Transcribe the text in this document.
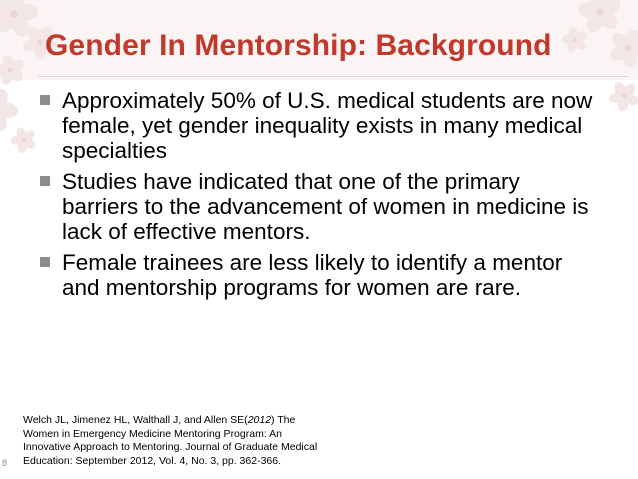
Gender In Mentorship: Background
Approximately 50% of U.S. medical students are now female, yet gender inequality exists in many medical specialties
Studies have indicated that one of the primary barriers to the advancement of women in medicine is lack of effective mentors.
Female trainees are less likely to identify a mentor and mentorship programs for women are rare.
Welch JL, Jimenez HL, Walthall J, and Allen SE(2012) The Women in Emergency Medicine Mentoring Program: An Innovative Approach to Mentoring. Journal of Graduate Medical Education: September 2012, Vol. 4, No. 3, pp. 362-366.
8
